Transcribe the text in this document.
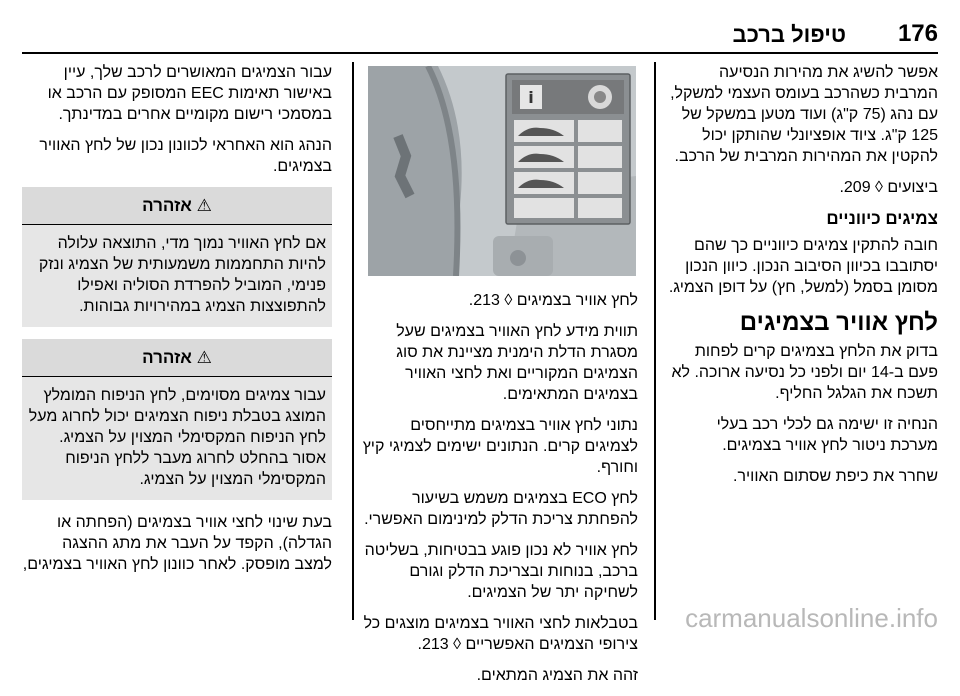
176
טיפול ברכב

אפשר להשיג את מהירות הנסיעה המרבית כשהרכב בעומס העצמי למשקל, עם נהג (75 ק"ג) ועוד מטען במשקל של 125 ק"ג. ציוד אופציונלי שהותקן יכול להקטין את המהירות המרבית של הרכב.

ביצועים ◊ 209.

צמיגים כיווניים

חובה להתקין צמיגים כיווניים כך שהם יסתובבו בכיוון הסיבוב הנכון. כיוון הנכון מסומן בסמל (למשל, חץ) על דופן הצמיג.

לחץ אוויר בצמיגים

בדוק את הלחץ בצמיגים קרים לפחות פעם ב-14 יום ולפני כל נסיעה ארוכה. לא תשכח את הגלגל החליף.

הנחיה זו ישימה גם לכלי רכב בעלי מערכת ניטור לחץ אוויר בצמיגים.

שחרר את כיפת שסתום האוויר.

i

לחץ אוויר בצמיגים ◊ 213.

תווית מידע לחץ האוויר בצמיגים שעל מסגרת הדלת הימנית מציינת את סוג הצמיגים המקוריים ואת לחצי האוויר בצמיגים המתאימים.

נתוני לחץ אוויר בצמיגים מתייחסים לצמיגים קרים. הנתונים ישימים לצמיגי קיץ וחורף.

לחץ ECO בצמיגים משמש בשיעור להפחתת צריכת הדלק למינימום האפשרי.

לחץ אוויר לא נכון פוגע בבטיחות, בשליטה ברכב, בנוחות ובצריכת הדלק וגורם לשחיקה יתר של הצמיגים.

בטבלאות לחצי האוויר בצמיגים מוצגים כל צירופי הצמיגים האפשריים ◊ 213.

זהה את הצמיג המתאים.

עבור הצמיגים המאושרים לרכב שלך, עיין באישור תאימות EEC המסופק עם הרכב או במסמכי רישום מקומיים אחרים במדינתך.

הנהג הוא האחראי לכוונון נכון של לחץ האוויר בצמיגים.

⚠ אזהרה
אם לחץ האוויר נמוך מדי, התוצאה עלולה להיות התחממות משמעותית של הצמיג ונזק פנימי, המוביל להפרדת הסוליה ואפילו להתפוצצות הצמיג במהירויות גבוהות.
⚠ אזהרה
עבור צמיגים מסוימים, לחץ הניפוח המומלץ המוצג בטבלת ניפוח הצמיגים יכול לחרוג מעל לחץ הניפוח המקסימלי המצוין על הצמיג. אסור בהחלט לחרוג מעבר ללחץ הניפוח המקסימלי המצוין על הצמיג.

בעת שינוי לחצי אוויר בצמיגים (הפחתה או הגדלה), הקפד על העבר את מתג ההצגה למצב מופסק. לאחר כוונון לחץ האוויר בצמיגים,

carmanualsonline.info
